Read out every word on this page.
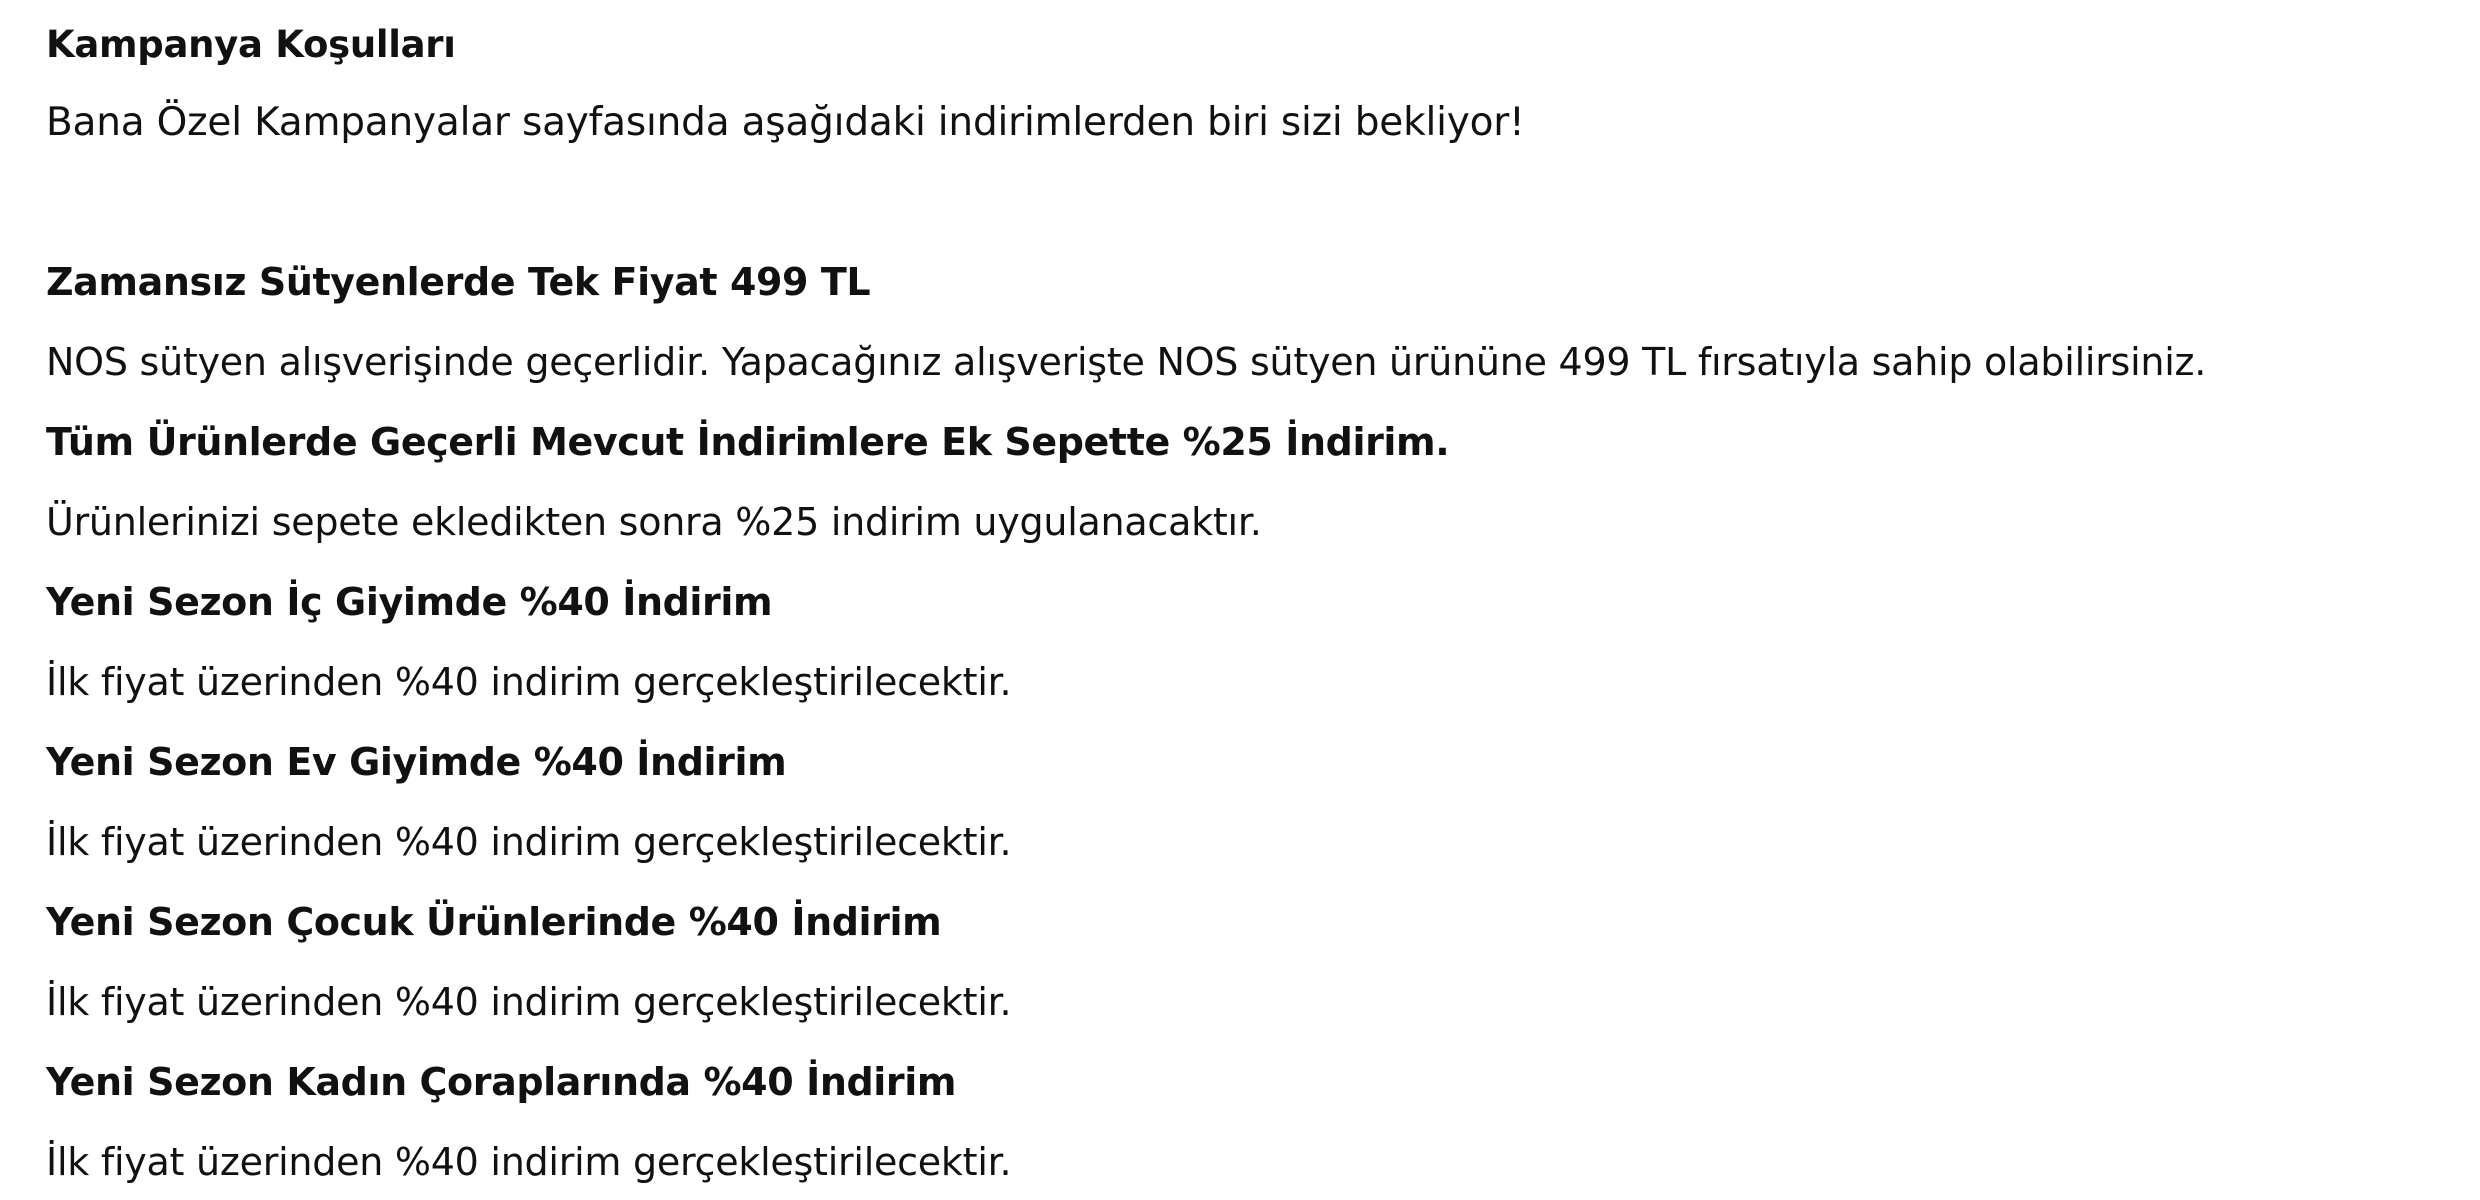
Kampanya Koşulları
Bana Özel Kampanyalar sayfasında aşağıdaki indirimlerden biri sizi bekliyor!
Zamansız Sütyenlerde Tek Fiyat 499 TL
NOS sütyen alışverişinde geçerlidir. Yapacağınız alışverişte NOS sütyen ürününe 499 TL fırsatıyla sahip olabilirsiniz.
Tüm Ürünlerde Geçerli Mevcut İndirimlere Ek Sepette %25 İndirim.
Ürünlerinizi sepete ekledikten sonra %25 indirim uygulanacaktır.
Yeni Sezon İç Giyimde %40 İndirim
İlk fiyat üzerinden %40 indirim gerçekleştirilecektir.
Yeni Sezon Ev Giyimde %40 İndirim
İlk fiyat üzerinden %40 indirim gerçekleştirilecektir.
Yeni Sezon Çocuk Ürünlerinde %40 İndirim
İlk fiyat üzerinden %40 indirim gerçekleştirilecektir.
Yeni Sezon Kadın Çoraplarında %40 İndirim
İlk fiyat üzerinden %40 indirim gerçekleştirilecektir.
